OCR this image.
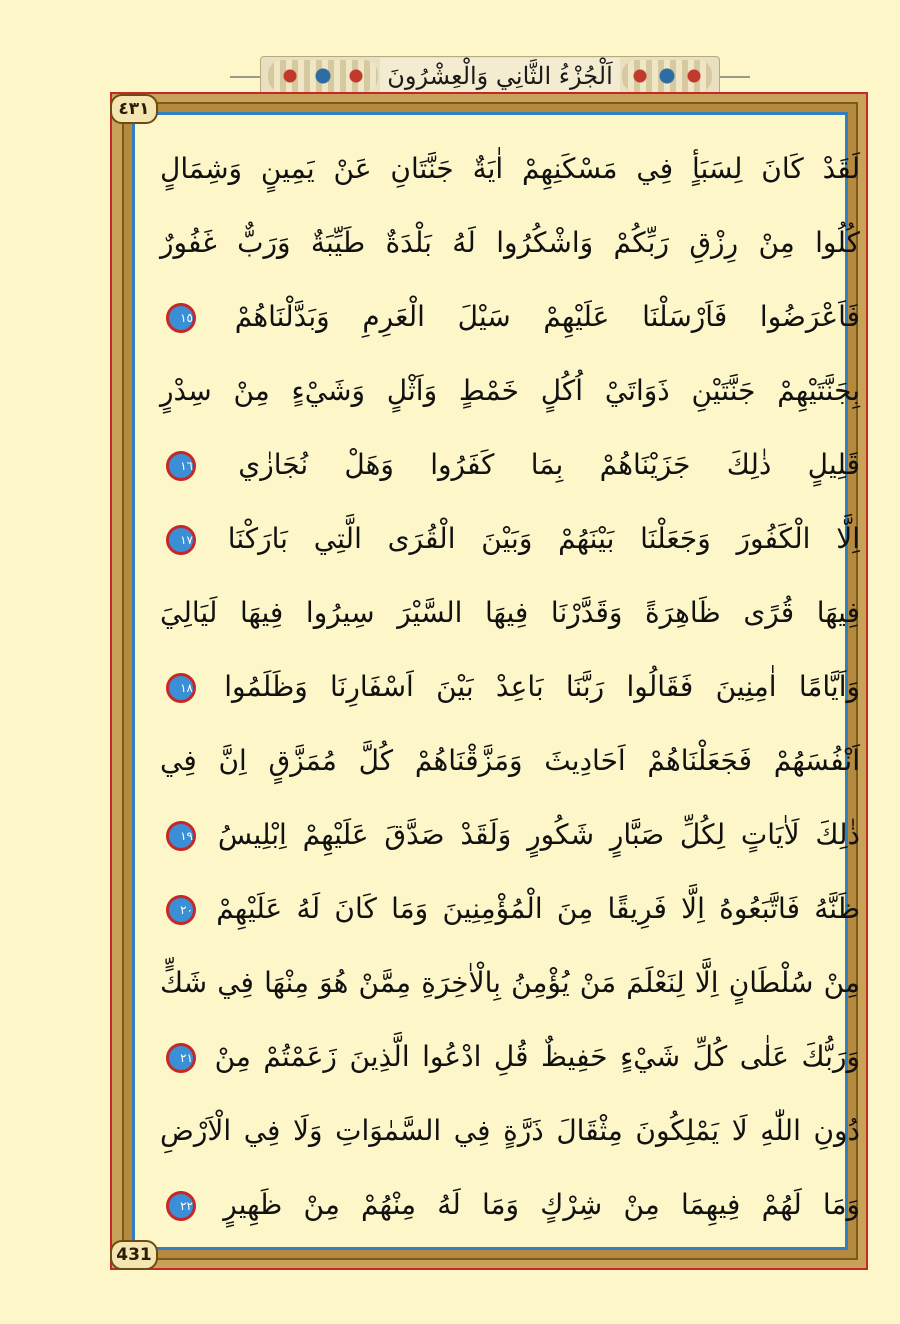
اَلْجُزْءُ الثَّانِي وَالْعِشْرُونَ
٤٣١
431
لَقَدْ كَانَ لِسَبَأٍ فِي مَسْكَنِهِمْ اٰيَةٌ جَنَّتَانِ عَنْ يَمِينٍ وَشِمَالٍ
كُلُوا مِنْ رِزْقِ رَبِّكُمْ وَاشْكُرُوا لَهُ بَلْدَةٌ طَيِّبَةٌ وَرَبٌّ غَفُورٌ
فَاَعْرَضُوا فَاَرْسَلْنَا عَلَيْهِمْ سَيْلَ الْعَرِمِ وَبَدَّلْنَاهُمْ ١٥
بِجَنَّتَيْهِمْ جَنَّتَيْنِ ذَوَاتَيْ اُكُلٍ خَمْطٍ وَاَثْلٍ وَشَيْءٍ مِنْ سِدْرٍ
قَلِيلٍ ذٰلِكَ جَزَيْنَاهُمْ بِمَا كَفَرُوا وَهَلْ نُجَازٰي ١٦
اِلَّا الْكَفُورَ وَجَعَلْنَا بَيْنَهُمْ وَبَيْنَ الْقُرَى الَّتِي بَارَكْنَا ١٧
فِيهَا قُرًى ظَاهِرَةً وَقَدَّرْنَا فِيهَا السَّيْرَ سِيرُوا فِيهَا لَيَالِيَ
وَاَيَّامًا اٰمِنِينَ فَقَالُوا رَبَّنَا بَاعِدْ بَيْنَ اَسْفَارِنَا وَظَلَمُوا ١٨
اَنْفُسَهُمْ فَجَعَلْنَاهُمْ اَحَادِيثَ وَمَزَّقْنَاهُمْ كُلَّ مُمَزَّقٍ اِنَّ فِي
ذٰلِكَ لَاٰيَاتٍ لِكُلِّ صَبَّارٍ شَكُورٍ وَلَقَدْ صَدَّقَ عَلَيْهِمْ اِبْلِيسُ ١٩
ظَنَّهُ فَاتَّبَعُوهُ اِلَّا فَرِيقًا مِنَ الْمُؤْمِنِينَ وَمَا كَانَ لَهُ عَلَيْهِمْ ٢٠
مِنْ سُلْطَانٍ اِلَّا لِنَعْلَمَ مَنْ يُؤْمِنُ بِالْاٰخِرَةِ مِمَّنْ هُوَ مِنْهَا فِي شَكٍّ
وَرَبُّكَ عَلٰى كُلِّ شَيْءٍ حَفِيظٌ قُلِ ادْعُوا الَّذِينَ زَعَمْتُمْ مِنْ ٢١
دُونِ اللّٰهِ لَا يَمْلِكُونَ مِثْقَالَ ذَرَّةٍ فِي السَّمٰوَاتِ وَلَا فِي الْاَرْضِ
وَمَا لَهُمْ فِيهِمَا مِنْ شِرْكٍ وَمَا لَهُ مِنْهُمْ مِنْ ظَهِيرٍ ٢٢
